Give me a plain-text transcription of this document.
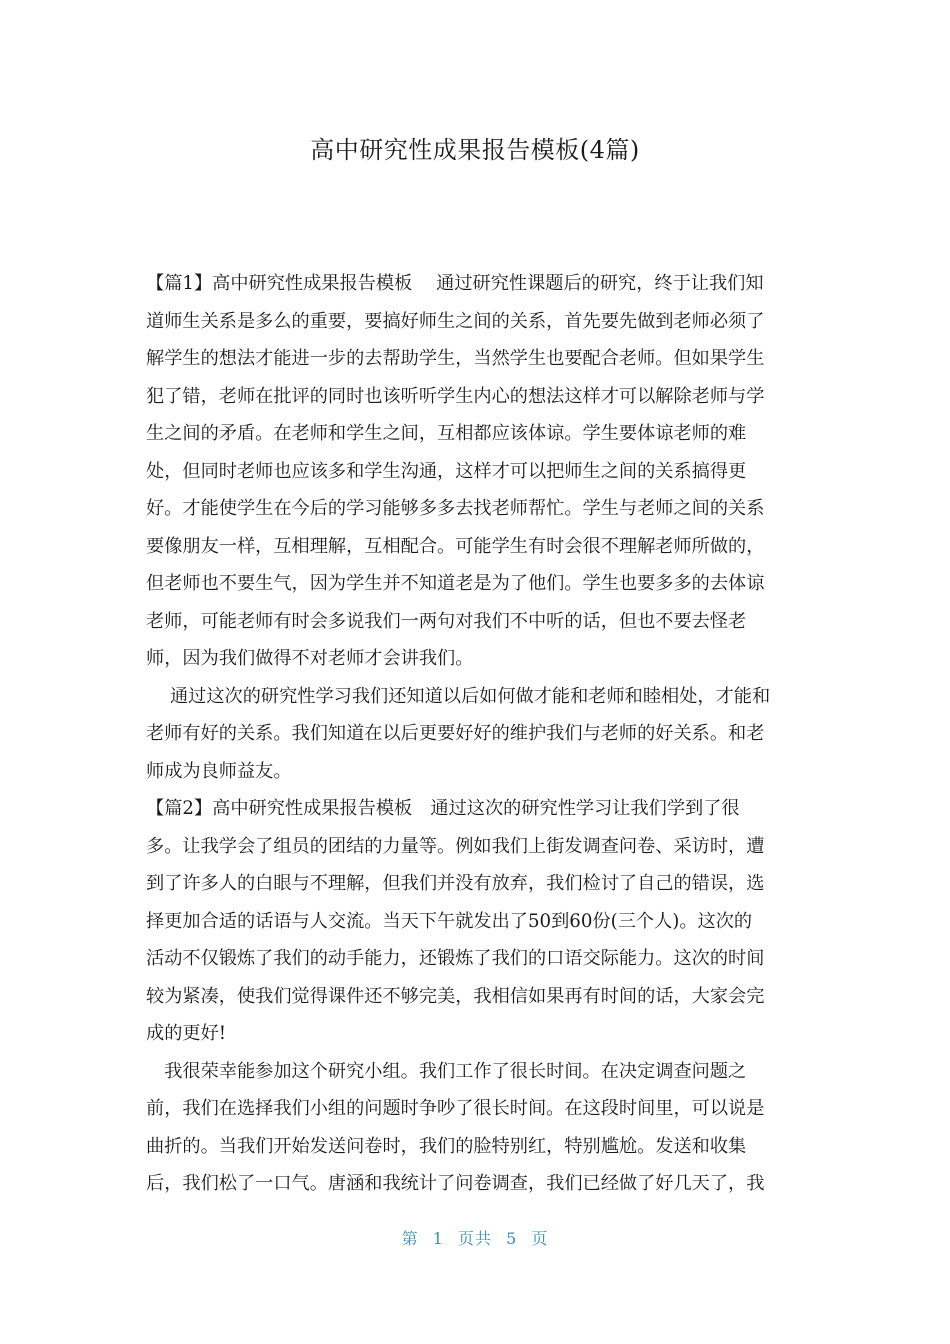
高中研究性成果报告模板(4篇)
【篇1】高中研究性成果报告模板　 通过研究性课题后的研究，终于让我们知
道师生关系是多么的重要，要搞好师生之间的关系，首先要先做到老师必须了
解学生的想法才能进一步的去帮助学生，当然学生也要配合老师。但如果学生
犯了错，老师在批评的同时也该听听学生内心的想法这样才可以解除老师与学
生之间的矛盾。在老师和学生之间，互相都应该体谅。学生要体谅老师的难
处，但同时老师也应该多和学生沟通，这样才可以把师生之间的关系搞得更
好。才能使学生在今后的学习能够多多去找老师帮忙。学生与老师之间的关系
要像朋友一样，互相理解，互相配合。可能学生有时会很不理解老师所做的，
但老师也不要生气，因为学生并不知道老是为了他们。学生也要多多的去体谅
老师，可能老师有时会多说我们一两句对我们不中听的话，但也不要去怪老
师，因为我们做得不对老师才会讲我们。
　 通过这次的研究性学习我们还知道以后如何做才能和老师和睦相处，才能和
老师有好的关系。我们知道在以后更要好好的维护我们与老师的好关系。和老
师成为良师益友。
【篇2】高中研究性成果报告模板　通过这次的研究性学习让我们学到了很
多。让我学会了组员的团结的力量等。例如我们上街发调查问卷、采访时，遭
到了许多人的白眼与不理解，但我们并没有放弃，我们检讨了自己的错误，选
择更加合适的话语与人交流。当天下午就发出了50到60份(三个人)。这次的
活动不仅锻炼了我们的动手能力，还锻炼了我们的口语交际能力。这次的时间
较为紧凑，使我们觉得课件还不够完美，我相信如果再有时间的话，大家会完
成的更好!
　我很荣幸能参加这个研究小组。我们工作了很长时间。在决定调查问题之
前，我们在选择我们小组的问题时争吵了很长时间。在这段时间里，可以说是
曲折的。当我们开始发送问卷时，我们的脸特别红，特别尴尬。发送和收集
后，我们松了一口气。唐涵和我统计了问卷调查，我们已经做了好几天了，我
第 1 页共 5 页
